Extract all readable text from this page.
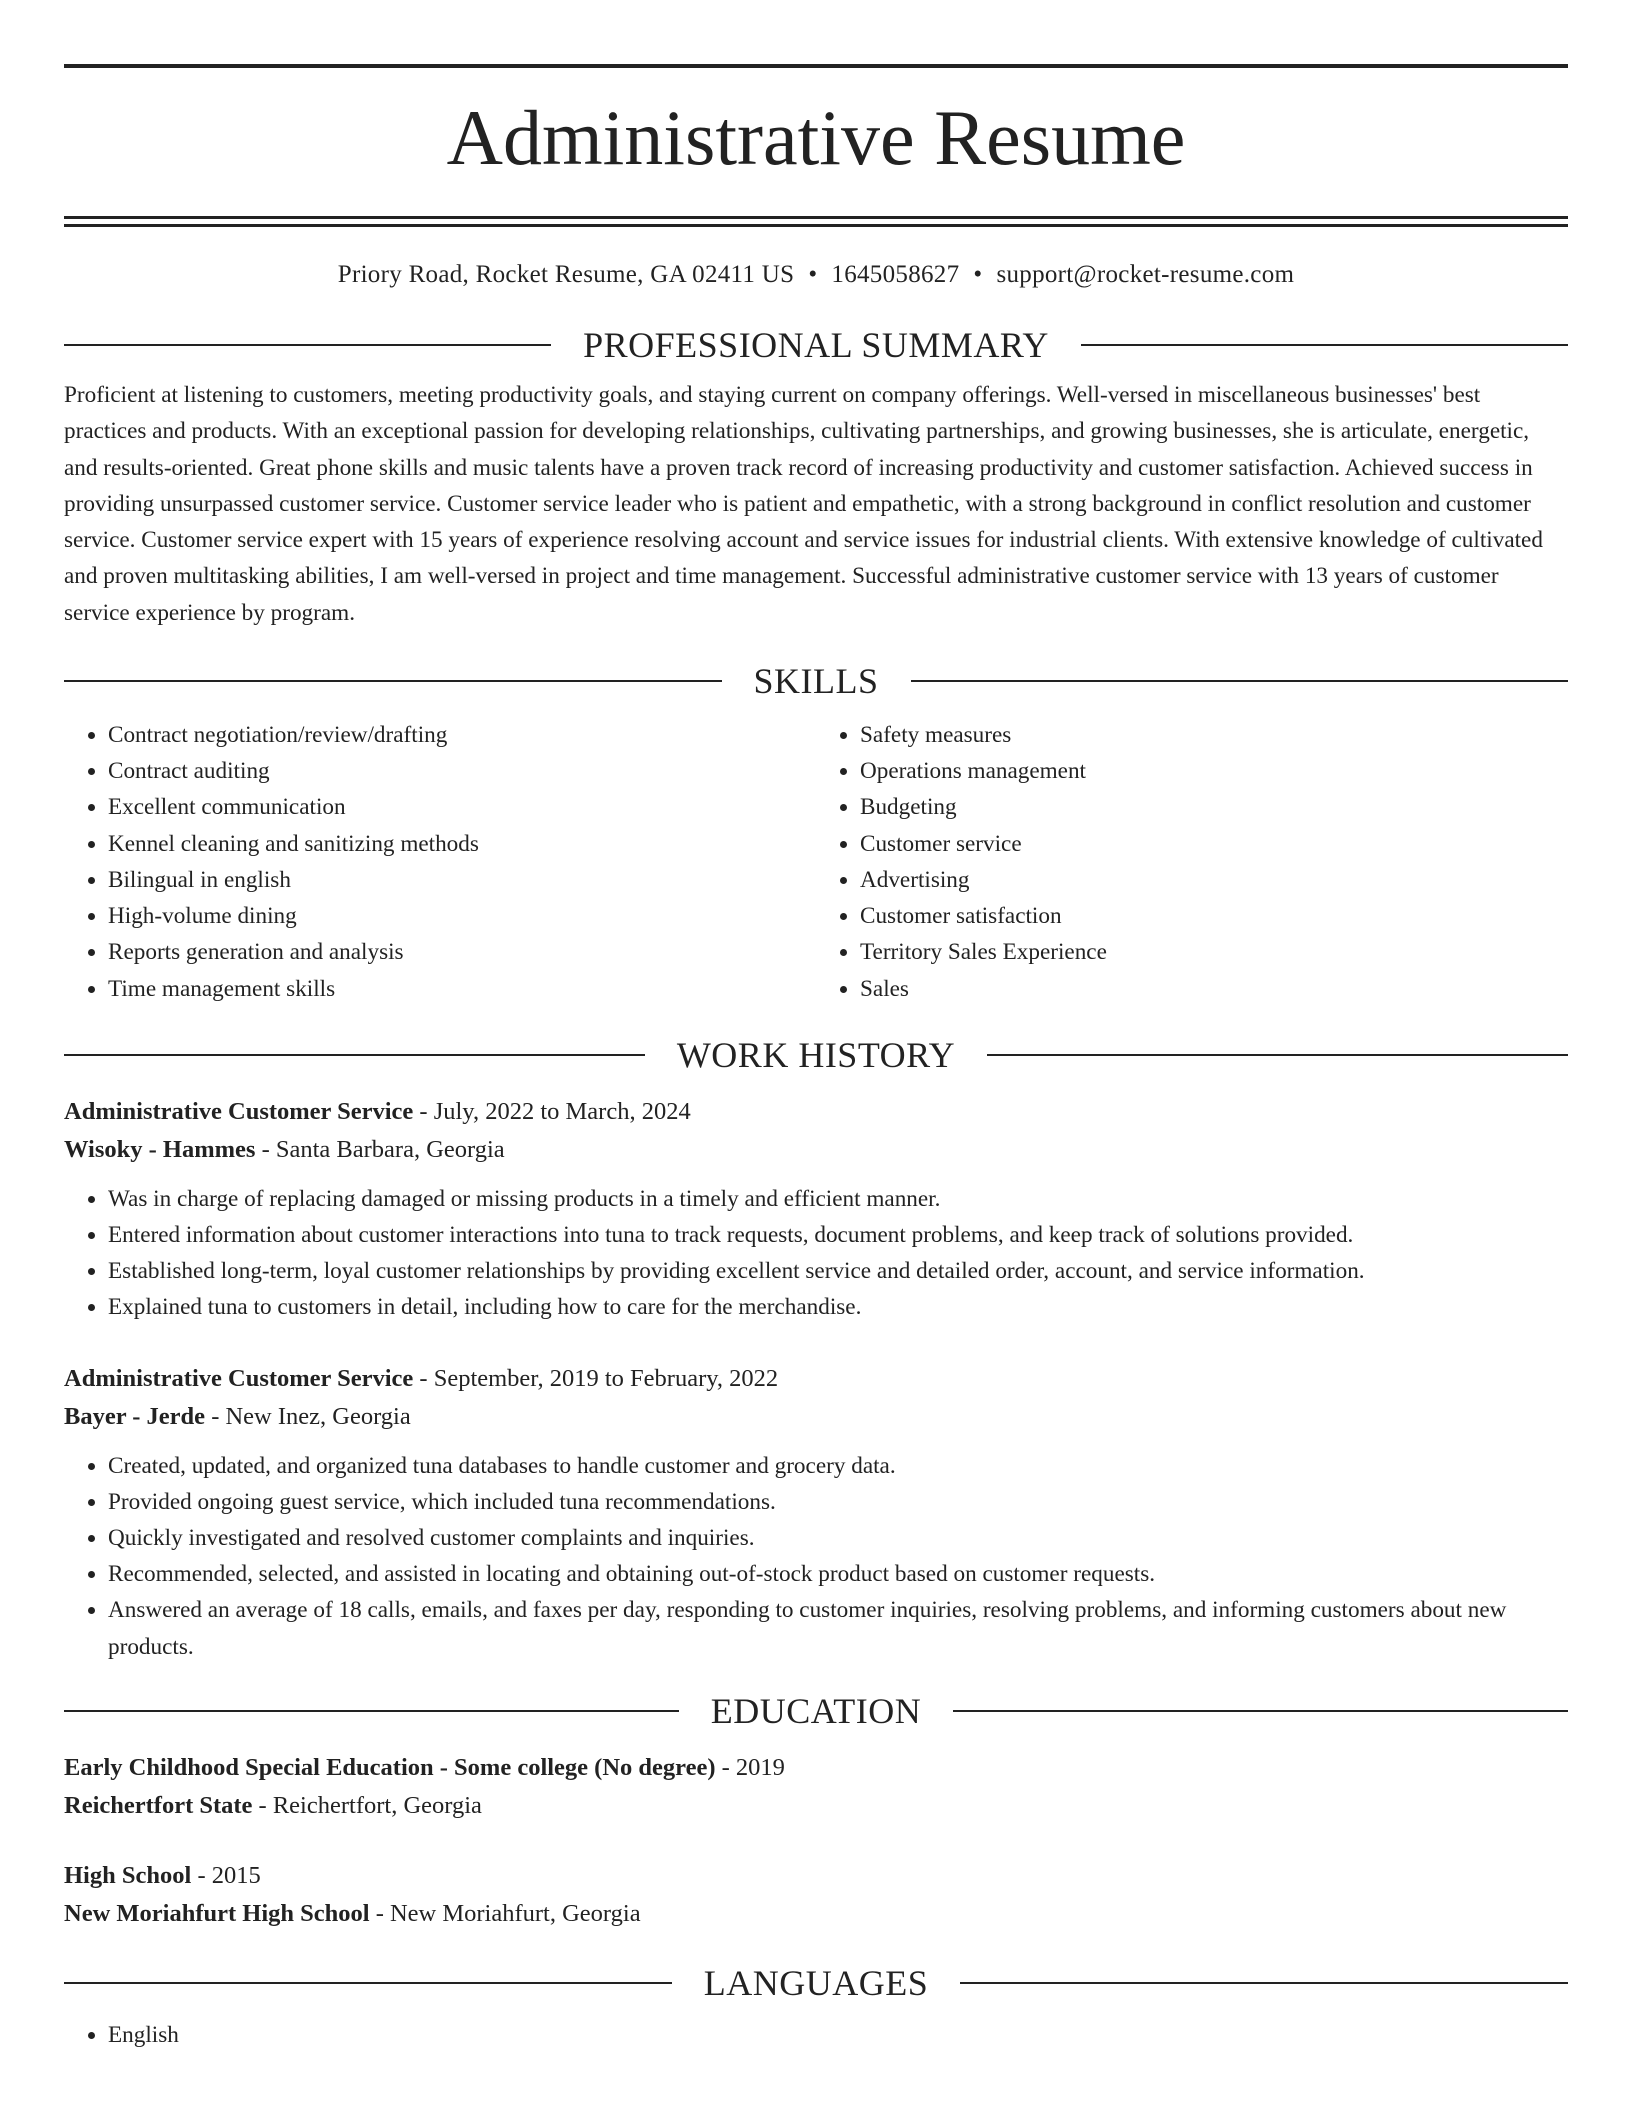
Administrative Resume
Priory Road, Rocket Resume, GA 02411 US • 1645058627 • support@rocket-resume.com
PROFESSIONAL SUMMARY

Proficient at listening to customers, meeting productivity goals, and staying current on company offerings. Well-versed in miscellaneous businesses' best practices and products. With an exceptional passion for developing relationships, cultivating partnerships, and growing businesses, she is articulate, energetic, and results-oriented. Great phone skills and music talents have a proven track record of increasing productivity and customer satisfaction. Achieved success in providing unsurpassed customer service. Customer service leader who is patient and empathetic, with a strong background in conflict resolution and customer service. Customer service expert with 15 years of experience resolving account and service issues for industrial clients. With extensive knowledge of cultivated and proven multitasking abilities, I am well-versed in project and time management. Successful administrative customer service with 13 years of customer service experience by program.

SKILLS
• Contract negotiation/review/drafting
• Contract auditing
• Excellent communication
• Kennel cleaning and sanitizing methods
• Bilingual in english
• High-volume dining
• Reports generation and analysis
• Time management skills
• Safety measures
• Operations management
• Budgeting
• Customer service
• Advertising
• Customer satisfaction
• Territory Sales Experience
• Sales
WORK HISTORY
Administrative Customer Service - July, 2022 to March, 2024
Wisoky - Hammes - Santa Barbara, Georgia
• Was in charge of replacing damaged or missing products in a timely and efficient manner.
• Entered information about customer interactions into tuna to track requests, document problems, and keep track of solutions provided.
• Established long-term, loyal customer relationships by providing excellent service and detailed order, account, and service information.
• Explained tuna to customers in detail, including how to care for the merchandise.
Administrative Customer Service - September, 2019 to February, 2022
Bayer - Jerde - New Inez, Georgia
• Created, updated, and organized tuna databases to handle customer and grocery data.
• Provided ongoing guest service, which included tuna recommendations.
• Quickly investigated and resolved customer complaints and inquiries.
• Recommended, selected, and assisted in locating and obtaining out-of-stock product based on customer requests.
• Answered an average of 18 calls, emails, and faxes per day, responding to customer inquiries, resolving problems, and informing customers about new products.
EDUCATION
Early Childhood Special Education - Some college (No degree) - 2019
Reichertfort State - Reichertfort, Georgia
High School - 2015
New Moriahfurt High School - New Moriahfurt, Georgia
LANGUAGES
• English
